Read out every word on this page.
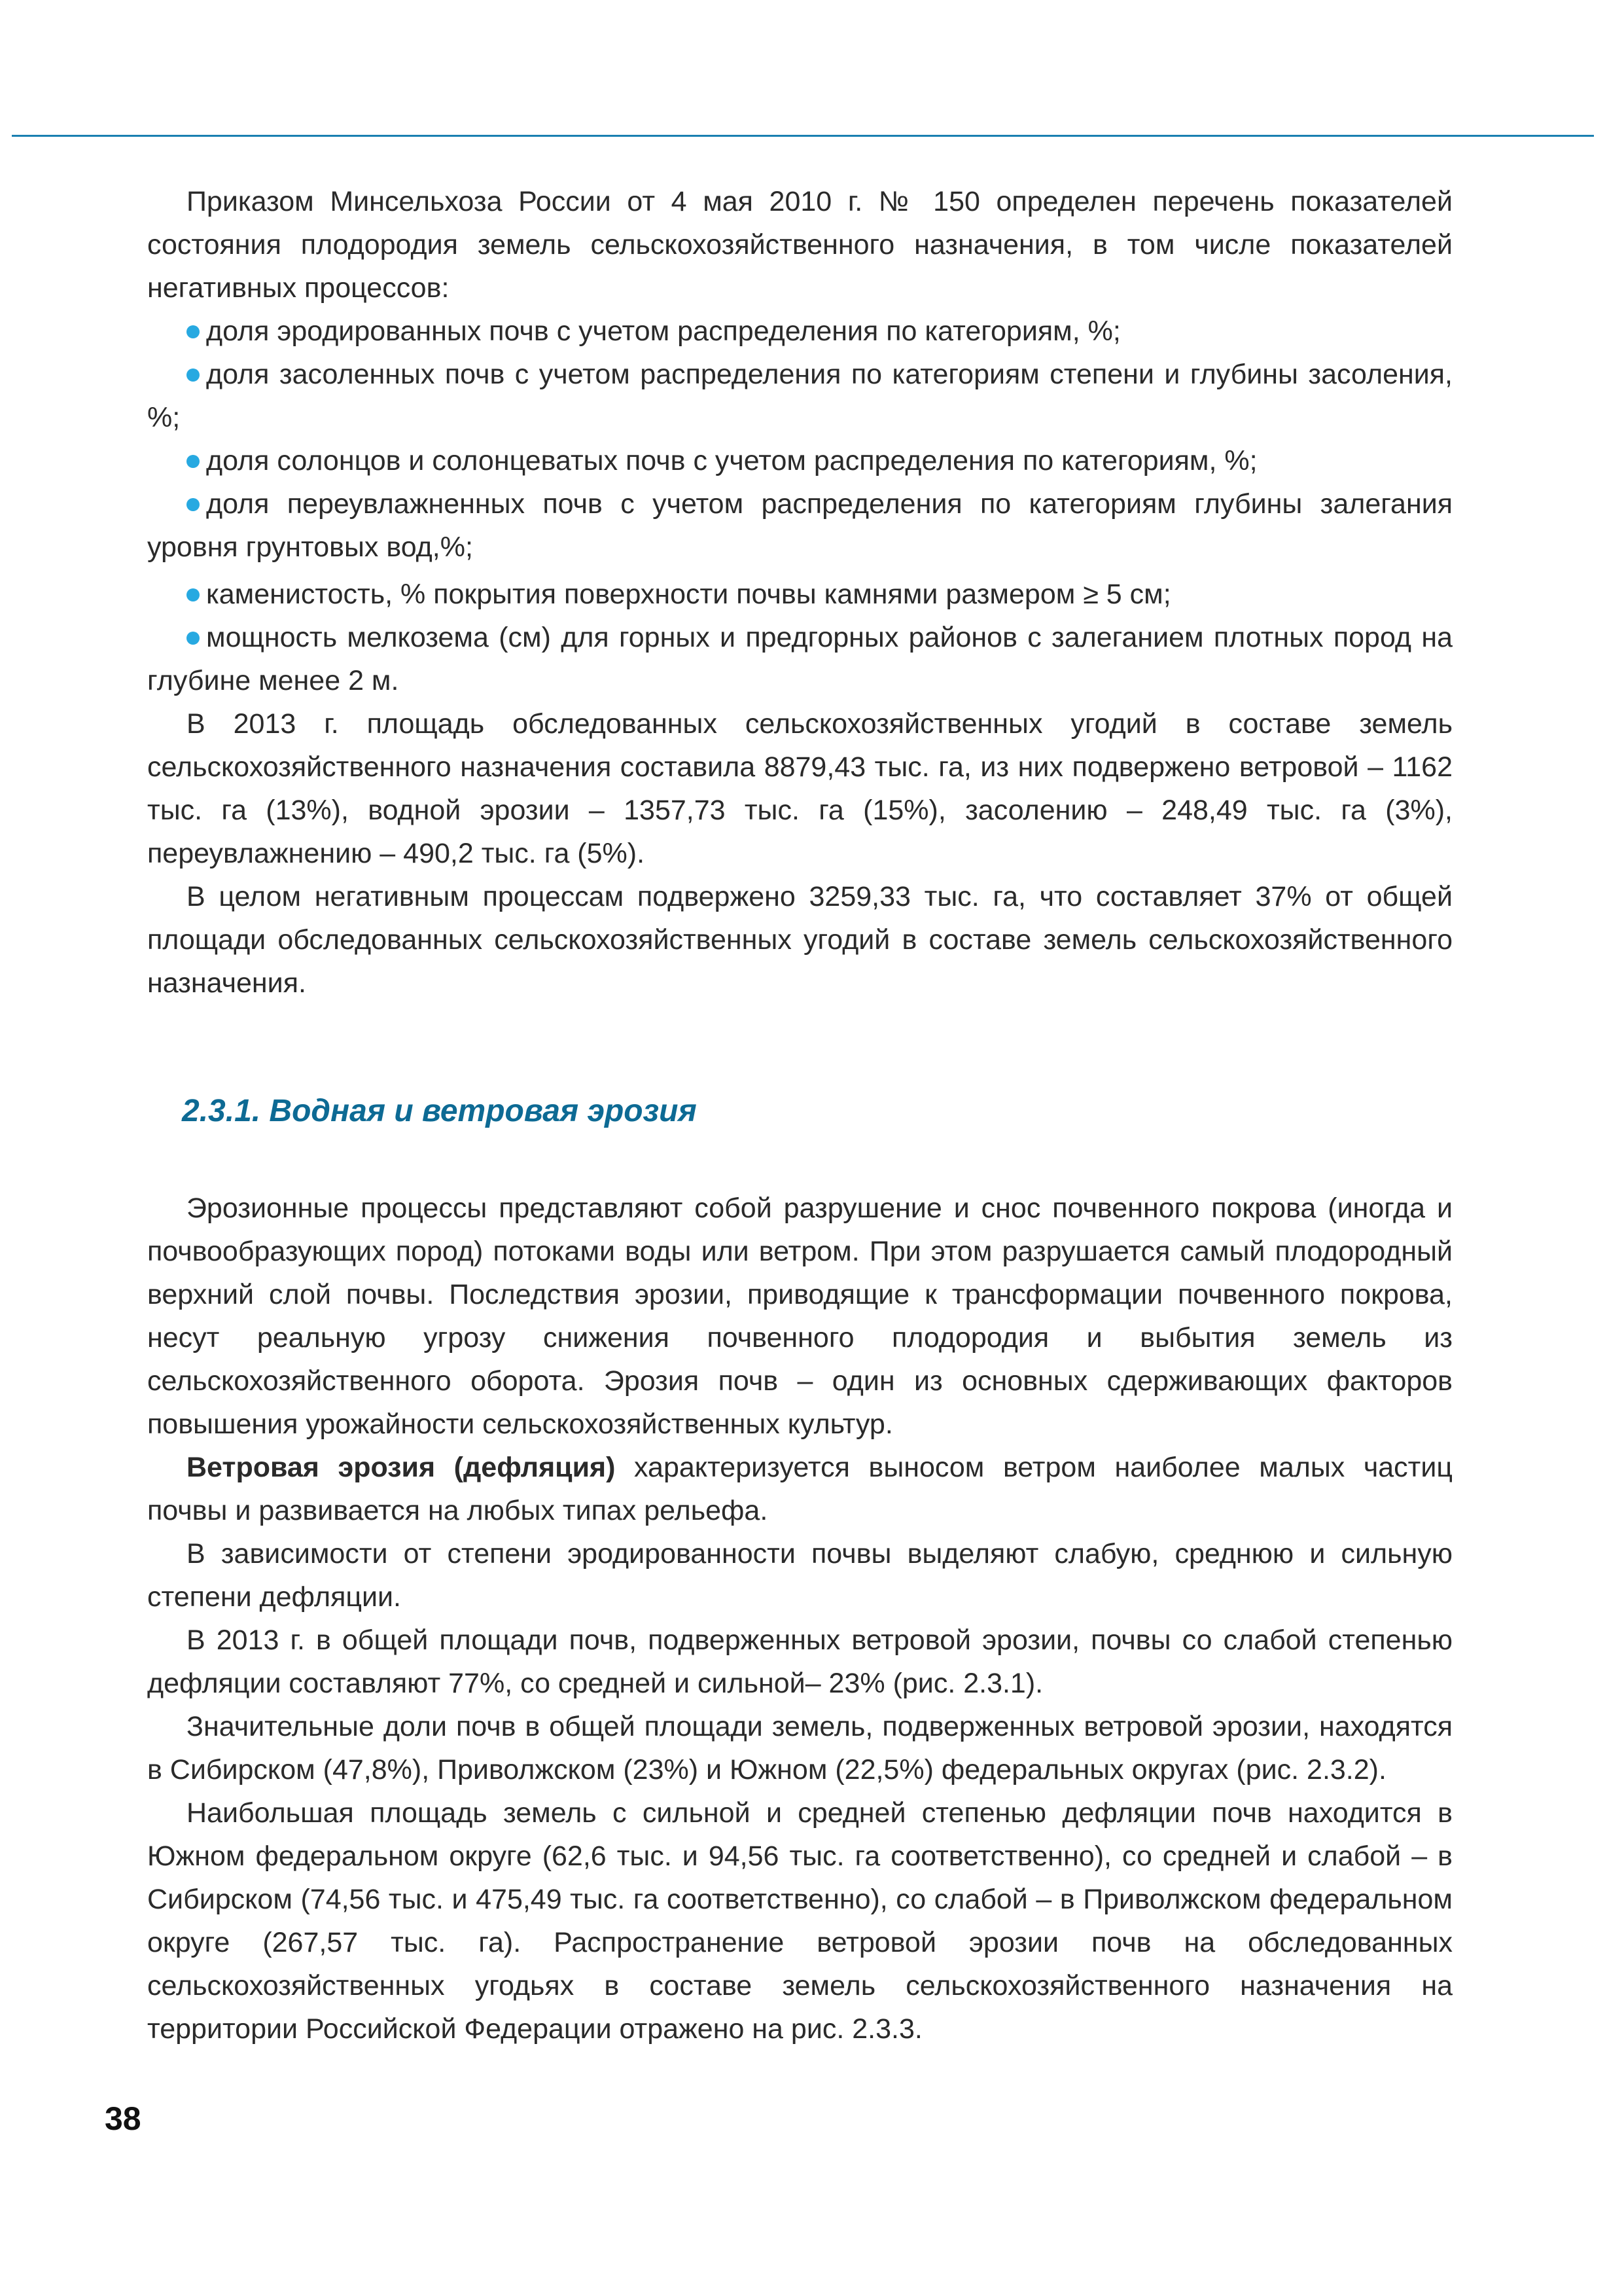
Приказом Минсельхоза России от 4 мая 2010 г. № 150 определен перечень показателей состояния плодородия земель сельскохозяйственного назначения, в том числе показателей негативных процессов:

доля эродированных почв с учетом распределения по категориям, %;

доля засоленных почв с учетом распределения по категориям степени и глубины засоления, %;

доля солонцов и солонцеватых почв с учетом распределения по категориям, %;

доля переувлажненных почв с учетом распределения по категориям глубины залегания уровня грунтовых вод,%;

каменистость, % покрытия поверхности почвы камнями размером ≥ 5 см;

мощность мелкозема (см) для горных и предгорных районов с залеганием плотных пород на глубине менее 2 м.

В 2013 г. площадь обследованных сельскохозяйственных угодий в составе земель сельскохозяйственного назначения составила 8879,43 тыс. га, из них подвержено ветровой – 1162 тыс. га (13%), водной эрозии – 1357,73 тыс. га (15%), засолению – 248,49 тыс. га (3%), переувлажнению – 490,2 тыс. га (5%).

В целом негативным процессам подвержено 3259,33 тыс. га, что составляет 37% от общей площади обследованных сельскохозяйственных угодий в составе земель сельскохозяйственного назначения.

2.3.1. Водная и ветровая эрозия

Эрозионные процессы представляют собой разрушение и снос почвенного покрова (иногда и почвообразующих пород) потоками воды или ветром. При этом разрушается самый плодородный верхний слой почвы. Последствия эрозии, приводящие к трансформации почвенного покрова, несут реальную угрозу снижения почвенного плодородия и выбытия земель из сельскохозяйственного оборота. Эрозия почв – один из основных сдерживающих факторов повышения урожайности сельскохозяйственных культур.

Ветровая эрозия (дефляция) характеризуется выносом ветром наиболее малых частиц почвы и развивается на любых типах рельефа.

В зависимости от степени эродированности почвы выделяют слабую, среднюю и сильную степени дефляции.

В 2013 г. в общей площади почв, подверженных ветровой эрозии, почвы со слабой степенью дефляции составляют 77%, со средней и сильной– 23% (рис. 2.3.1).

Значительные доли почв в общей площади земель, подверженных ветровой эрозии, находятся в Сибирском (47,8%), Приволжском (23%) и Южном (22,5%) федеральных округах (рис. 2.3.2).

Наибольшая площадь земель с сильной и средней степенью дефляции почв находится в Южном федеральном округе (62,6 тыс. и 94,56 тыс. га соответственно), со средней и слабой – в Сибирском (74,56 тыс. и 475,49 тыс. га соответственно), со слабой – в Приволжском федеральном округе (267,57 тыс. га). Распространение ветровой эрозии почв на обследованных сельскохозяйственных угодьях в составе земель сельскохозяйственного назначения на территории Российской Федерации отражено на рис. 2.3.3.

38
